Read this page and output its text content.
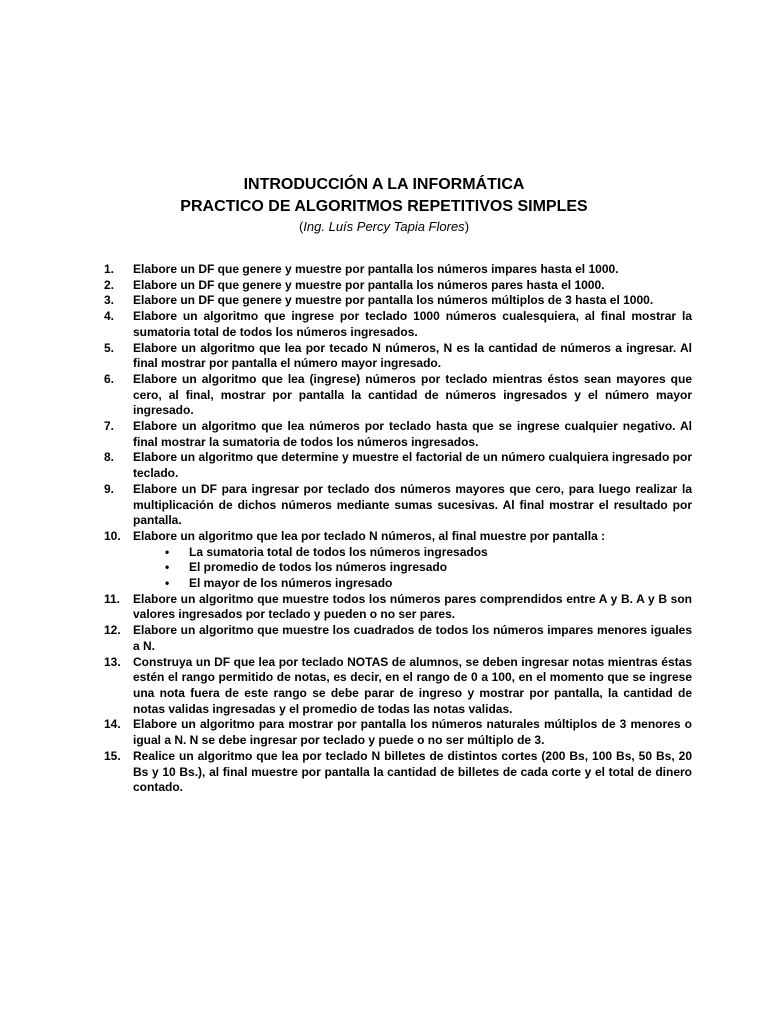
INTRODUCCIÓN A LA INFORMÁTICA

PRACTICO DE ALGORITMOS REPETITIVOS SIMPLES

(Ing. Luís Percy Tapia Flores)

1. Elabore un DF que genere y muestre por pantalla los números impares hasta el 1000.
2. Elabore un DF que genere y muestre por pantalla los números pares hasta el 1000.
3. Elabore un DF que genere y muestre por pantalla los números múltiplos de 3 hasta el 1000.
4. Elabore un algoritmo que ingrese por teclado 1000 números cualesquiera, al final mostrar la sumatoria total de todos los números ingresados.
5. Elabore un algoritmo que lea por tecado N números, N es la cantidad de números a ingresar. Al final mostrar por pantalla el número mayor ingresado.
6. Elabore un algoritmo que lea (ingrese) números por teclado mientras éstos sean mayores que cero, al final, mostrar por pantalla la cantidad de números ingresados y el número mayor ingresado.
7. Elabore un algoritmo que lea números por teclado hasta que se ingrese cualquier negativo. Al final mostrar la sumatoria de todos los números ingresados.
8. Elabore un algoritmo que determine y muestre el factorial de un número cualquiera ingresado por teclado.
9. Elabore un DF para ingresar por teclado dos números mayores que cero, para luego realizar la multiplicación de dichos números mediante sumas sucesivas. Al final mostrar el resultado por pantalla.
10. Elabore un algoritmo que lea por teclado N números, al final muestre por pantalla :
• La sumatoria total de todos los números ingresados
• El promedio de todos los números ingresado
• El mayor de los números ingresado
11. Elabore un algoritmo que muestre todos los números pares comprendidos entre A y B. A y B son valores ingresados por teclado y pueden o no ser pares.
12. Elabore un algoritmo que muestre los cuadrados de todos los números impares menores iguales a N.
13. Construya un DF que lea por teclado NOTAS de alumnos, se deben ingresar notas mientras éstas estén el rango permitido de notas, es decir, en el rango de 0 a 100, en el momento que se ingrese una nota fuera de este rango se debe parar de ingreso y mostrar por pantalla, la cantidad de notas validas ingresadas y el promedio de todas las notas validas.
14. Elabore un algoritmo para mostrar por pantalla los números naturales múltiplos de 3 menores o igual a N. N se debe ingresar por teclado y puede o no ser múltiplo de 3.
15. Realice un algoritmo que lea por teclado N billetes de distintos cortes (200 Bs, 100 Bs, 50 Bs, 20 Bs y 10 Bs.), al final muestre por pantalla la cantidad de billetes de cada corte y el total de dinero contado.
